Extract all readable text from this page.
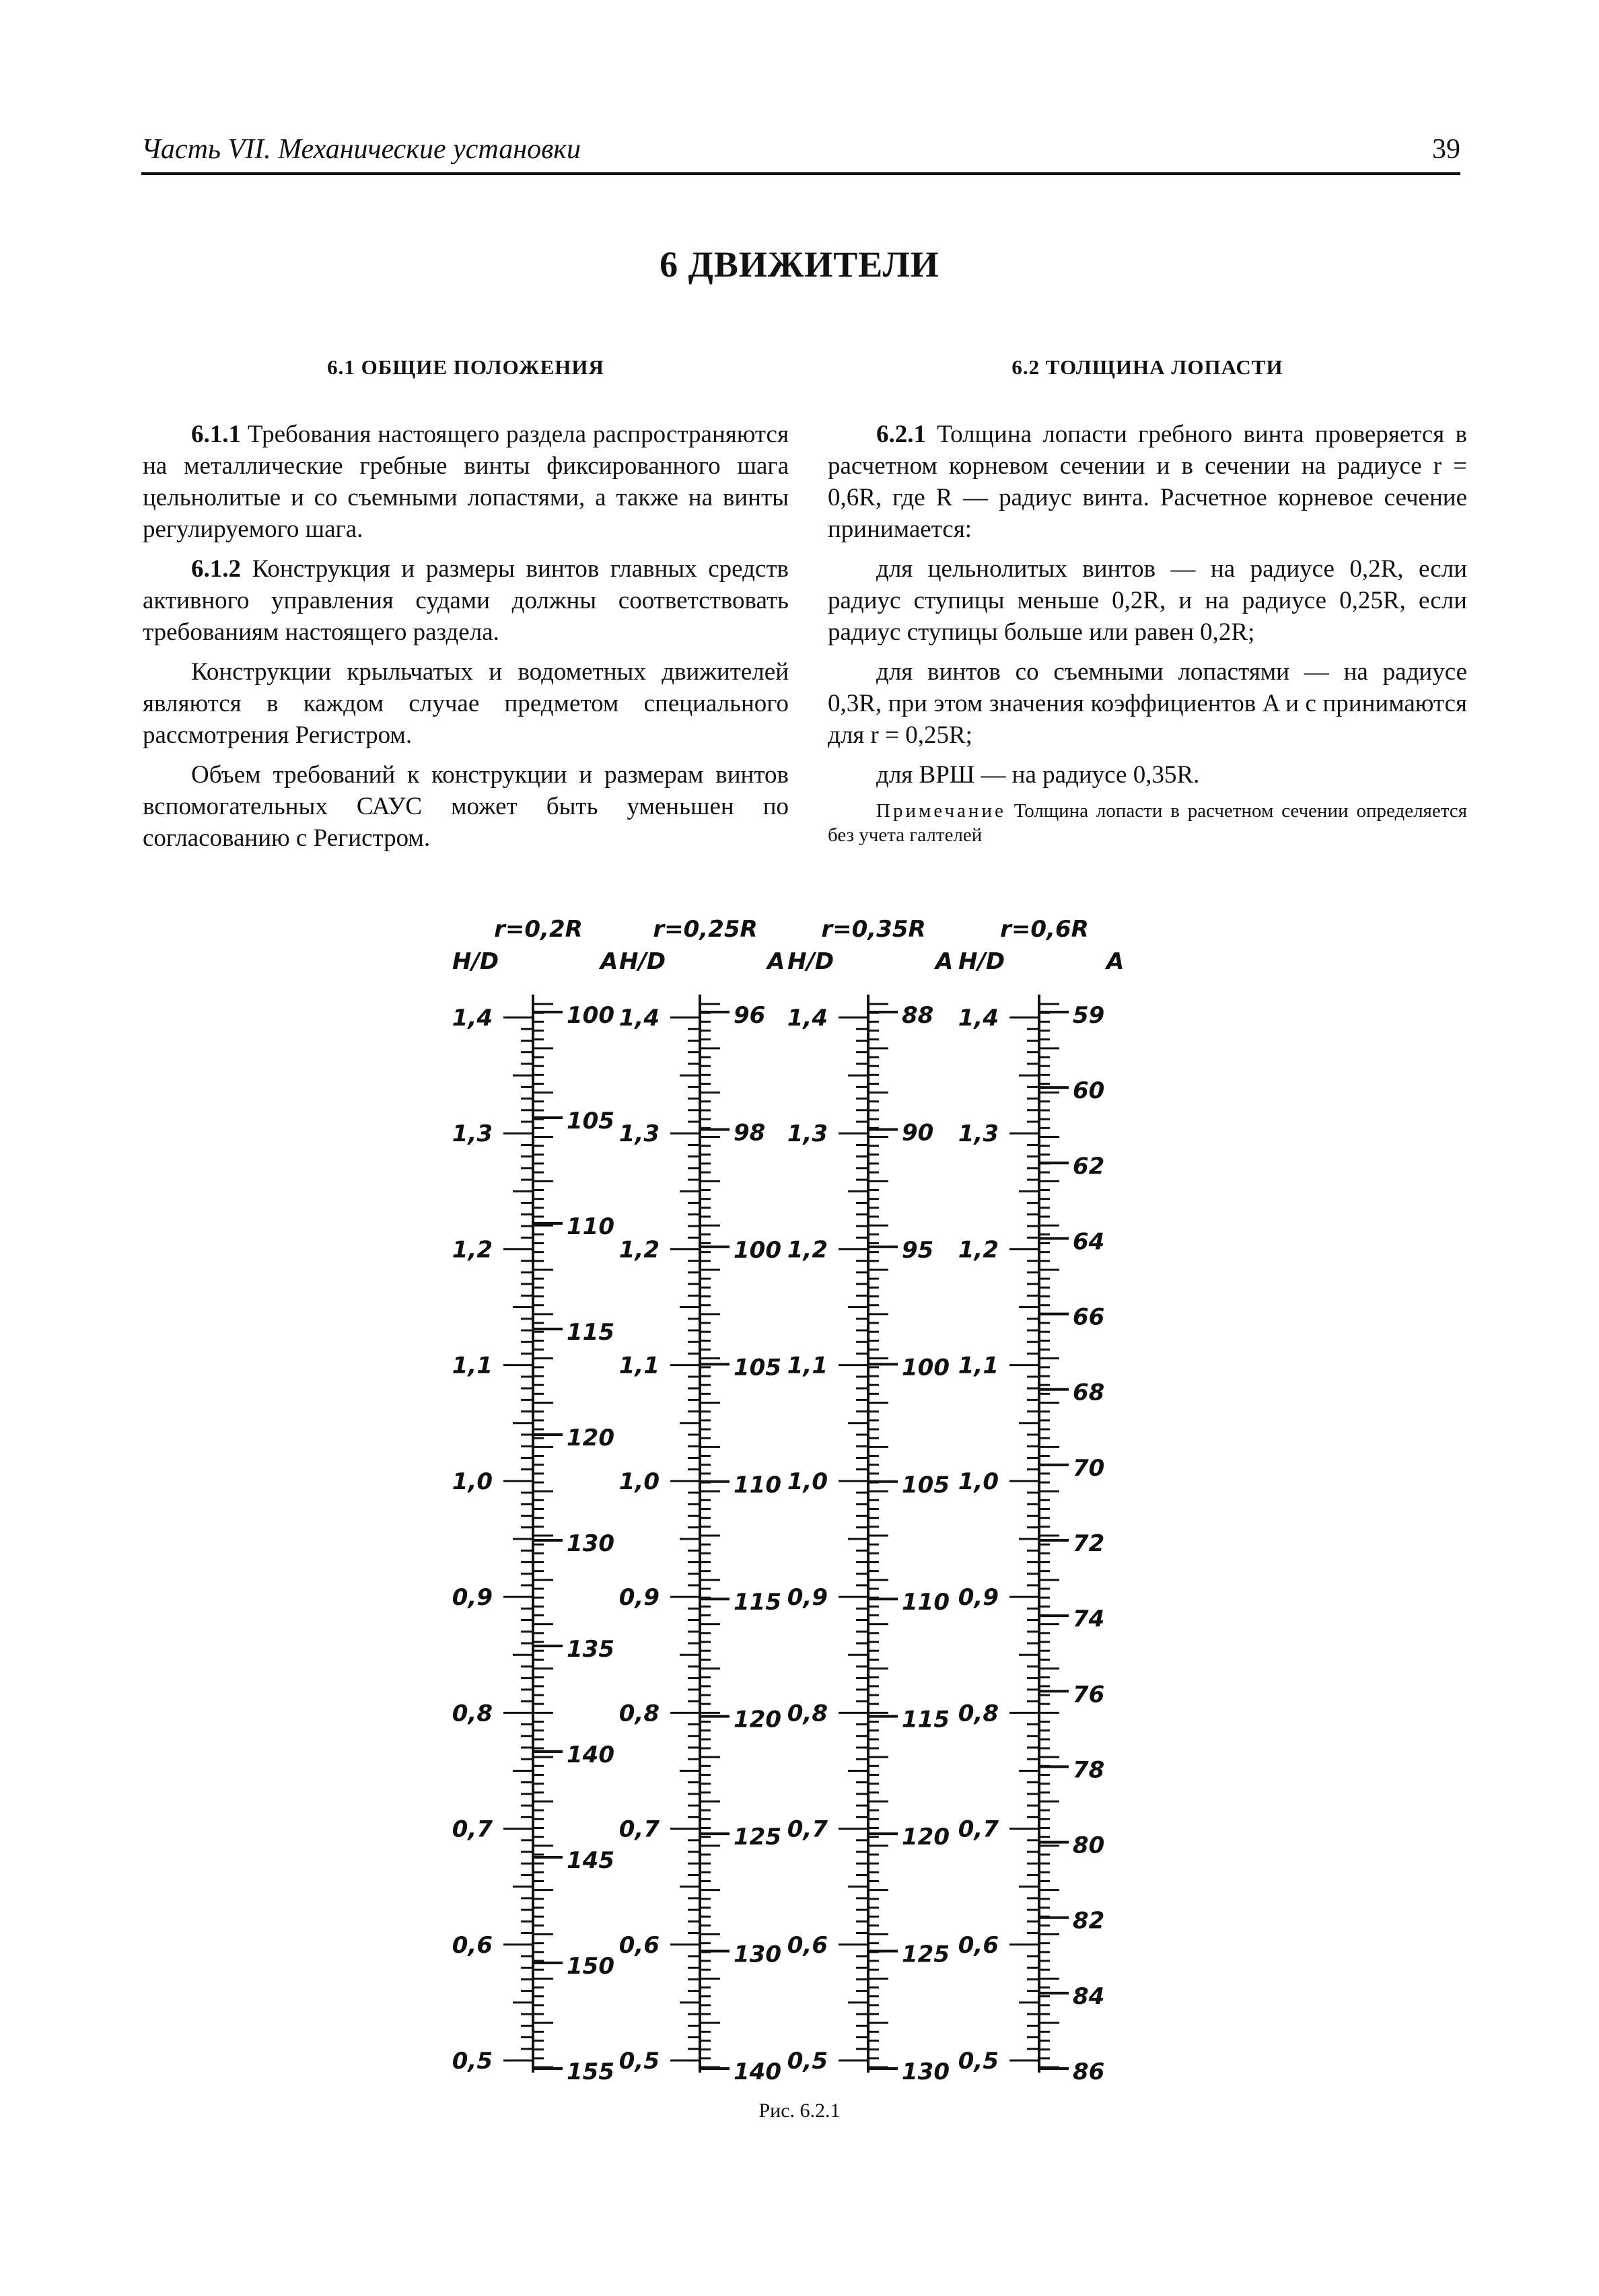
Часть VII. Механические установки	39
6 ДВИЖИТЕЛИ
6.1 ОБЩИЕ ПОЛОЖЕНИЯ

6.1.1 Требования настоящего раздела распространяются на металлические гребные винты фиксированного шага цельнолитые и со съемными лопастями, а также на винты регулируемого шага.

6.1.2 Конструкция и размеры винтов главных средств активного управления судами должны соответствовать требованиям настоящего раздела.

Конструкции крыльчатых и водометных движителей являются в каждом случае предметом специального рассмотрения Регистром.

Объем требований к конструкции и размерам винтов вспомогательных САУС может быть уменьшен по согласованию с Регистром.

6.2 ТОЛЩИНА ЛОПАСТИ

6.2.1 Толщина лопасти гребного винта проверяется в расчетном корневом сечении и в сечении на радиусе r = 0,6R, где R — радиус винта. Расчетное корневое сечение принимается:

для цельнолитых винтов — на радиусе 0,2R, если радиус ступицы меньше 0,2R, и на радиусе 0,25R, если радиус ступицы больше или равен 0,2R;

для винтов со съемными лопастями — на радиусе 0,3R, при этом значения коэффициентов A и c принимаются для r = 0,25R;

для ВРШ — на радиусе 0,35R.

Примечание Толщина лопасти в расчетном сечении определяется без учета галтелей
r=0,2R
H/D	A
1,4
1,3
1,2
1,1
1,0
0,9
0,8
0,7
0,6
0,5
100
105
110
115
120
130
135
140
145
150
155
r=0,25R
H/D	A
1,4
1,3
1,2
1,1
1,0
0,9
0,8
0,7
0,6
0,5
96
98
100
105
110
115
120
125
130
140
r=0,35R
H/D	A
1,4
1,3
1,2
1,1
1,0
0,9
0,8
0,7
0,6
0,5
88
90
95
100
105
110
115
120
125
130
r=0,6R
H/D	A
1,4
1,3
1,2
1,1
1,0
0,9
0,8
0,7
0,6
0,5
59
60
62
64
66
68
70
72
74
76
78
80
82
84
86
Рис. 6.2.1
